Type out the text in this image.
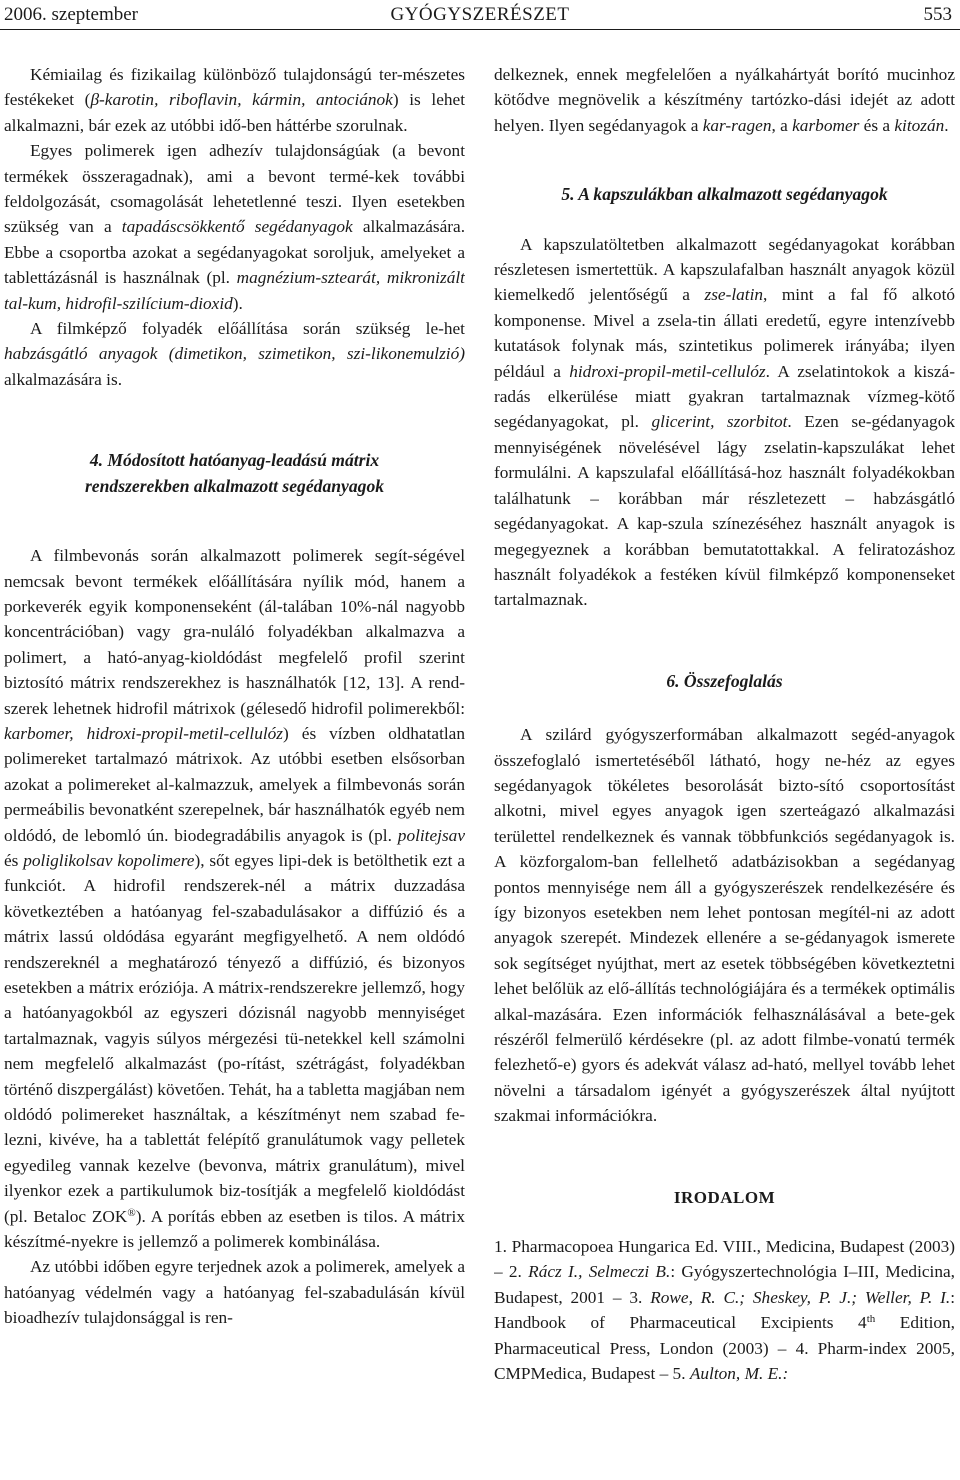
GYÓGYSZERÉSZET
2006. szeptember	553

Kémiailag és fizikailag különböző tulajdonságú ter-mészetes festékeket (β-karotin, riboflavin, kármin, antociánok) is lehet alkalmazni, bár ezek az utóbbi idő-ben háttérbe szorulnak.

Egyes polimerek igen adhezív tulajdonságúak (a bevont termékek összeragadnak), ami a bevont termé-kek további feldolgozását, csomagolását lehetetlenné teszi. Ilyen esetekben szükség van a tapadáscsökkentő segédanyagok alkalmazására. Ebbe a csoportba azokat a segédanyagokat soroljuk, amelyeket a tablettázásnál is használnak (pl. magnézium-sztearát, mikronizált tal-kum, hidrofil-szilícium-dioxid).

A filmképző folyadék előállítása során szükség le-het habzásgátló anyagok (dimetikon, szimetikon, szi-likonemulzió) alkalmazására is.

4. Módosított hatóanyag-leadású mátrix
rendszerekben alkalmazott segédanyagok

A filmbevonás során alkalmazott polimerek segít-ségével nemcsak bevont termékek előállítására nyílik mód, hanem a porkeverék egyik komponenseként (ál-talában 10%-nál nagyobb koncentrációban) vagy gra-nuláló folyadékban alkalmazva a polimert, a ható-anyag-kioldódást megfelelő profil szerint biztosító mátrix rendszerekhez is használhatók [12, 13]. A rend-szerek lehetnek hidrofil mátrixok (gélesedő hidrofil polimerekből: karbomer, hidroxi-propil-metil-cellulóz) és vízben oldhatatlan polimereket tartalmazó mátrixok. Az utóbbi esetben elsősorban azokat a polimereket al-kalmazzuk, amelyek a filmbevonás során permeábilis bevonatként szerepelnek, bár használhatók egyéb nem oldódó, de lebomló ún. biodegradábilis anyagok is (pl. politejsav és poliglikolsav kopolimere), sőt egyes lipi-dek is betölthetik ezt a funkciót. A hidrofil rendszerek-nél a mátrix duzzadása következtében a hatóanyag fel-szabadulásakor a diffúzió és a mátrix lassú oldódása egyaránt megfigyelhető. A nem oldódó rendszereknél a meghatározó tényező a diffúzió, és bizonyos esetekben a mátrix eróziója. A mátrix-rendszerekre jellemző, hogy a hatóanyagokból az egyszeri dózisnál nagyobb mennyiséget tartalmaznak, vagyis súlyos mérgezési tü-netekkel kell számolni nem megfelelő alkalmazást (po-rítást, szétrágást, folyadékban történő diszpergálást) követően. Tehát, ha a tabletta magjában nem oldódó polimereket használtak, a készítményt nem szabad fe-lezni, kivéve, ha a tablettát felépítő granulátumok vagy pelletek egyedileg vannak kezelve (bevonva, mátrix granulátum), mivel ilyenkor ezek a partikulumok biz-tosítják a megfelelő kioldódást (pl. Betaloc ZOK®). A porítás ebben az esetben is tilos. A mátrix készítmé-nyekre is jellemző a polimerek kombinálása.

Az utóbbi időben egyre terjednek azok a polimerek, amelyek a hatóanyag védelmén vagy a hatóanyag fel-szabadulásán kívül bioadhezív tulajdonsággal is ren-

delkeznek, ennek megfelelően a nyálkahártyát borító mucinhoz kötődve megnövelik a készítmény tartózko-dási idejét az adott helyen. Ilyen segédanyagok a kar-ragen, a karbomer és a kitozán.

5. A kapszulákban alkalmazott segédanyagok

A kapszulatöltetben alkalmazott segédanyagokat korábban részletesen ismertettük. A kapszulafalban használt anyagok közül kiemelkedő jelentőségű a zse-latin, mint a fal fő alkotó komponense. Mivel a zsela-tin állati eredetű, egyre intenzívebb kutatások folynak más, szintetikus polimerek irányába; ilyen például a hidroxi-propil-metil-cellulóz. A zselatintokok a kiszá-radás elkerülése miatt gyakran tartalmaznak vízmeg-kötő segédanyagokat, pl. glicerint, szorbitot. Ezen se-gédanyagok mennyiségének növelésével lágy zselatin-kapszulákat lehet formulálni. A kapszulafal előállításá-hoz használt folyadékokban találhatunk – korábban már részletezett – habzásgátló segédanyagokat. A kap-szula színezéséhez használt anyagok is megegyeznek a korábban bemutatottakkal. A feliratozáshoz használt folyadékok a festéken kívül filmképző komponenseket tartalmaznak.

6. Összefoglalás

A szilárd gyógyszerformában alkalmazott segéd-anyagok összefoglaló ismertetéséből látható, hogy ne-héz az egyes segédanyagok tökéletes besorolását bizto-sító csoportosítást alkotni, mivel egyes anyagok igen szerteágazó alkalmazási területtel rendelkeznek és vannak többfunkciós segédanyagok is. A közforgalom-ban fellelhető adatbázisokban a segédanyag pontos mennyisége nem áll a gyógyszerészek rendelkezésére és így bizonyos esetekben nem lehet pontosan megítél-ni az adott anyagok szerepét. Mindezek ellenére a se-gédanyagok ismerete sok segítséget nyújthat, mert az esetek többségében következtetni lehet belőlük az elő-állítás technológiájára és a termékek optimális alkal-mazására. Ezen információk felhasználásával a bete-gek részéről felmerülő kérdésekre (pl. az adott filmbe-vonatú termék felezhető-e) gyors és adekvát válasz ad-ható, mellyel tovább lehet növelni a társadalom igényét a gyógyszerészek által nyújtott szakmai információkra.

IRODALOM

1. Pharmacopoea Hungarica Ed. VIII., Medicina, Budapest (2003) – 2. Rácz I., Selmeczi B.: Gyógyszertechnológia I–III, Medicina, Budapest, 2001 – 3. Rowe, R. C.; Sheskey, P. J.; Weller, P. I.: Handbook of Pharmaceutical Excipients 4th Edition, Pharmaceutical Press, London (2003) – 4. Pharm-index 2005, CMPMedica, Budapest – 5. Aulton, M. E.:
